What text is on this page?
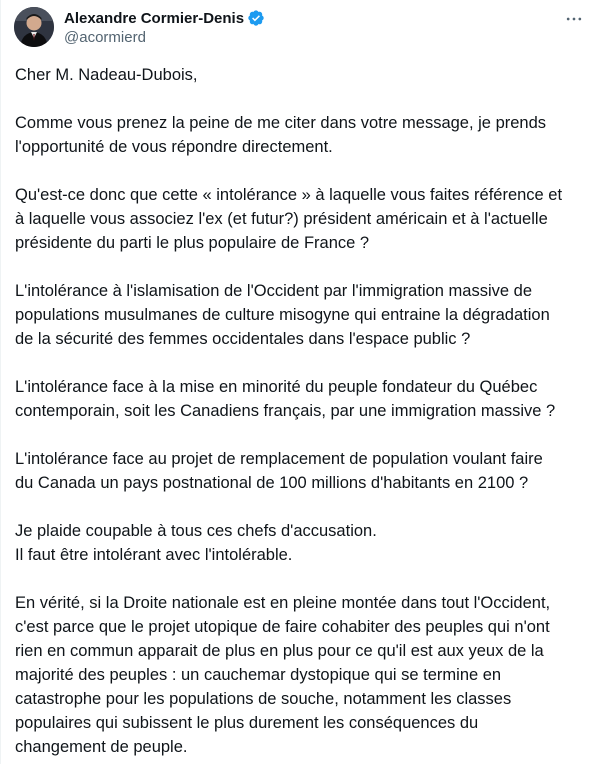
Alexandre Cormier-Denis
@acormierd

Cher M. Nadeau-Dubois,

Comme vous prenez la peine de me citer dans votre message, je prends
l'opportunité de vous répondre directement.

Qu'est-ce donc que cette « intolérance » à laquelle vous faites référence et
à laquelle vous associez l'ex (et futur?) président américain et à l'actuelle
présidente du parti le plus populaire de France ?

L'intolérance à l'islamisation de l'Occident par l'immigration massive de
populations musulmanes de culture misogyne qui entraine la dégradation
de la sécurité des femmes occidentales dans l'espace public ?

L'intolérance face à la mise en minorité du peuple fondateur du Québec
contemporain, soit les Canadiens français, par une immigration massive ?

L'intolérance face au projet de remplacement de population voulant faire
du Canada un pays postnational de 100 millions d'habitants en 2100 ?

Je plaide coupable à tous ces chefs d'accusation.
Il faut être intolérant avec l'intolérable.

En vérité, si la Droite nationale est en pleine montée dans tout l'Occident,
c'est parce que le projet utopique de faire cohabiter des peuples qui n'ont
rien en commun apparait de plus en plus pour ce qu'il est aux yeux de la
majorité des peuples : un cauchemar dystopique qui se termine en
catastrophe pour les populations de souche, notamment les classes
populaires qui subissent le plus durement les conséquences du
changement de peuple.
